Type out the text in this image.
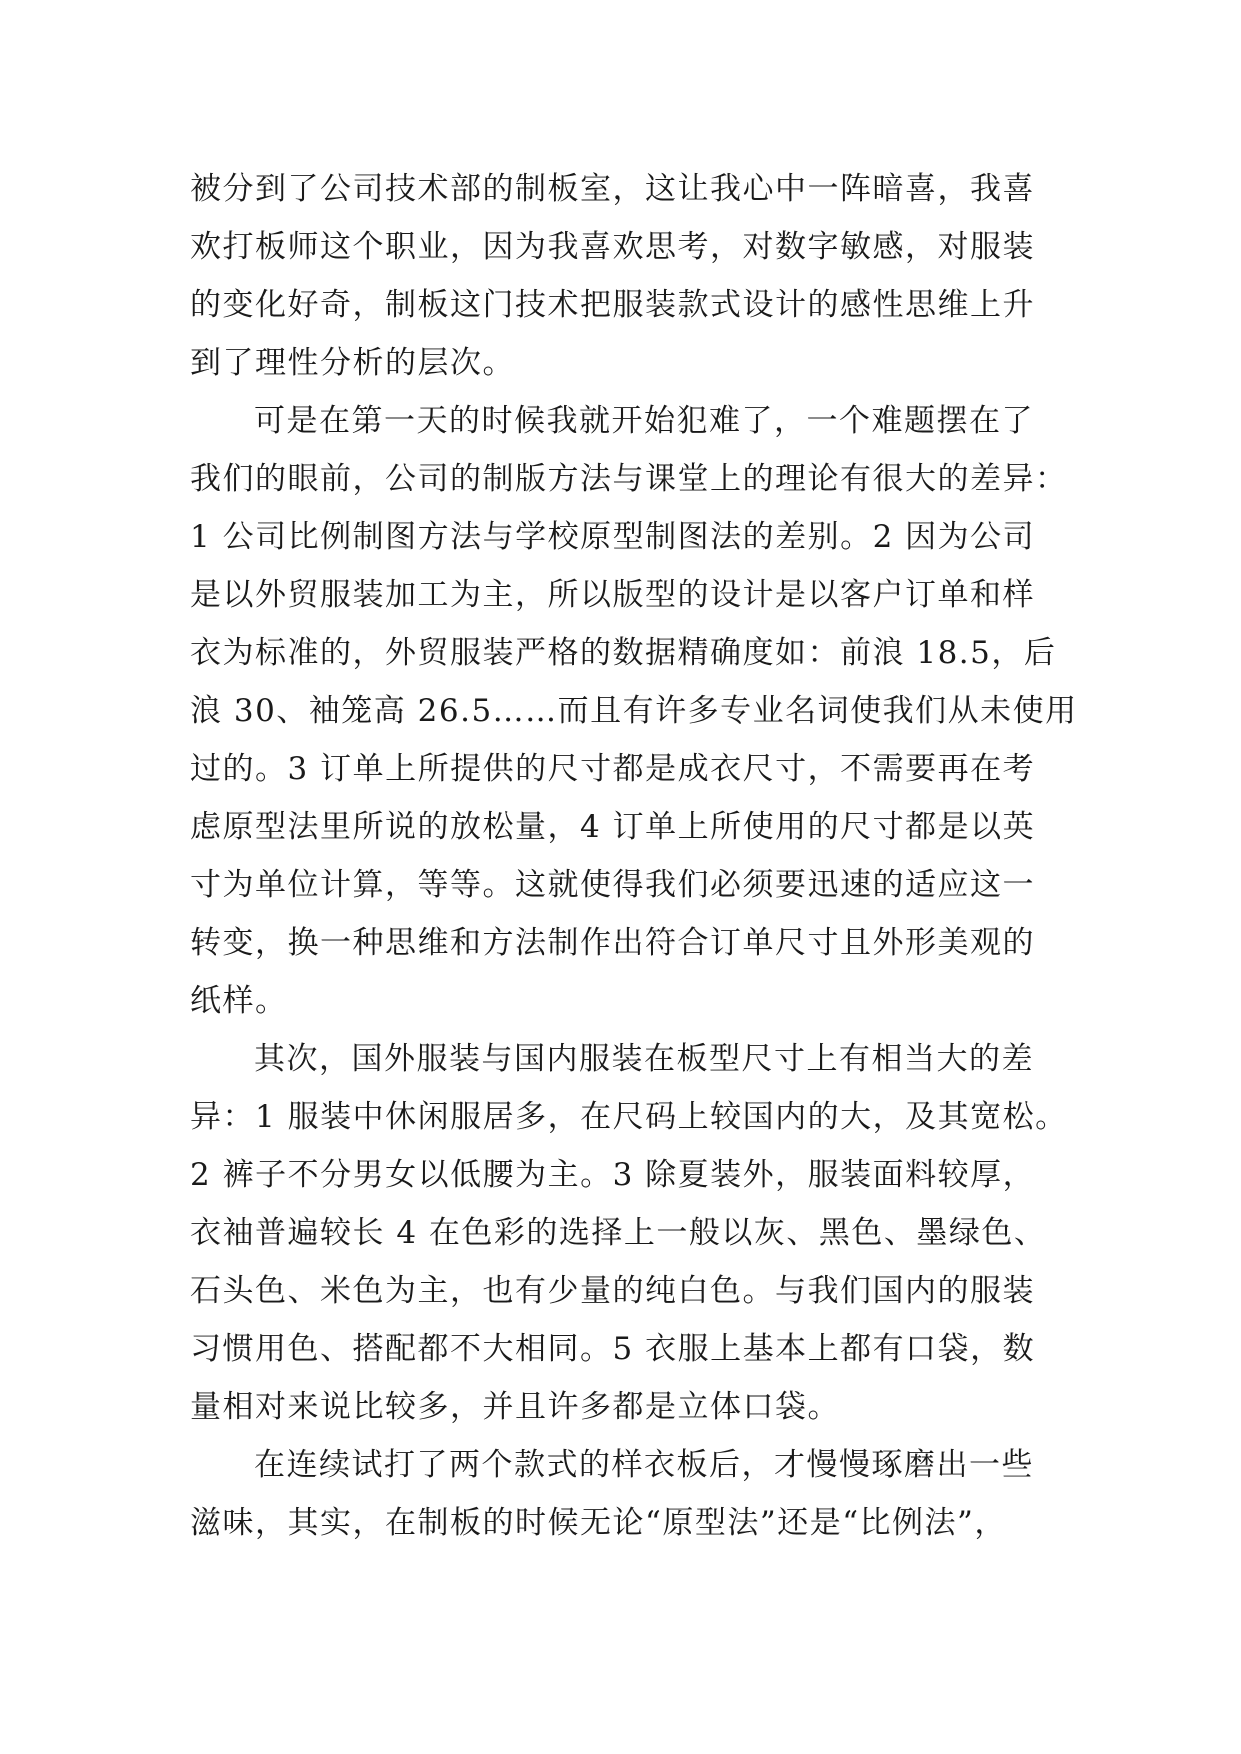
被分到了公司技术部的制板室，这让我心中一阵暗喜，我喜
欢打板师这个职业，因为我喜欢思考，对数字敏感，对服装
的变化好奇，制板这门技术把服装款式设计的感性思维上升
到了理性分析的层次。
可是在第一天的时候我就开始犯难了，一个难题摆在了
我们的眼前，公司的制版方法与课堂上的理论有很大的差异：
1 公司比例制图方法与学校原型制图法的差别。2 因为公司
是以外贸服装加工为主，所以版型的设计是以客户订单和样
衣为标准的，外贸服装严格的数据精确度如：前浪 18.5，后
浪 30、袖笼高 26.5……而且有许多专业名词使我们从未使用
过的。3 订单上所提供的尺寸都是成衣尺寸，不需要再在考
虑原型法里所说的放松量，4 订单上所使用的尺寸都是以英
寸为单位计算，等等。这就使得我们必须要迅速的适应这一
转变，换一种思维和方法制作出符合订单尺寸且外形美观的
纸样。
其次，国外服装与国内服装在板型尺寸上有相当大的差
异：1 服装中休闲服居多，在尺码上较国内的大，及其宽松。
2 裤子不分男女以低腰为主。3 除夏装外，服装面料较厚，
衣袖普遍较长 4 在色彩的选择上一般以灰、黑色、墨绿色、
石头色、米色为主，也有少量的纯白色。与我们国内的服装
习惯用色、搭配都不大相同。5 衣服上基本上都有口袋，数
量相对来说比较多，并且许多都是立体口袋。
在连续试打了两个款式的样衣板后，才慢慢琢磨出一些
滋味，其实，在制板的时候无论“原型法”还是“比例法”，
